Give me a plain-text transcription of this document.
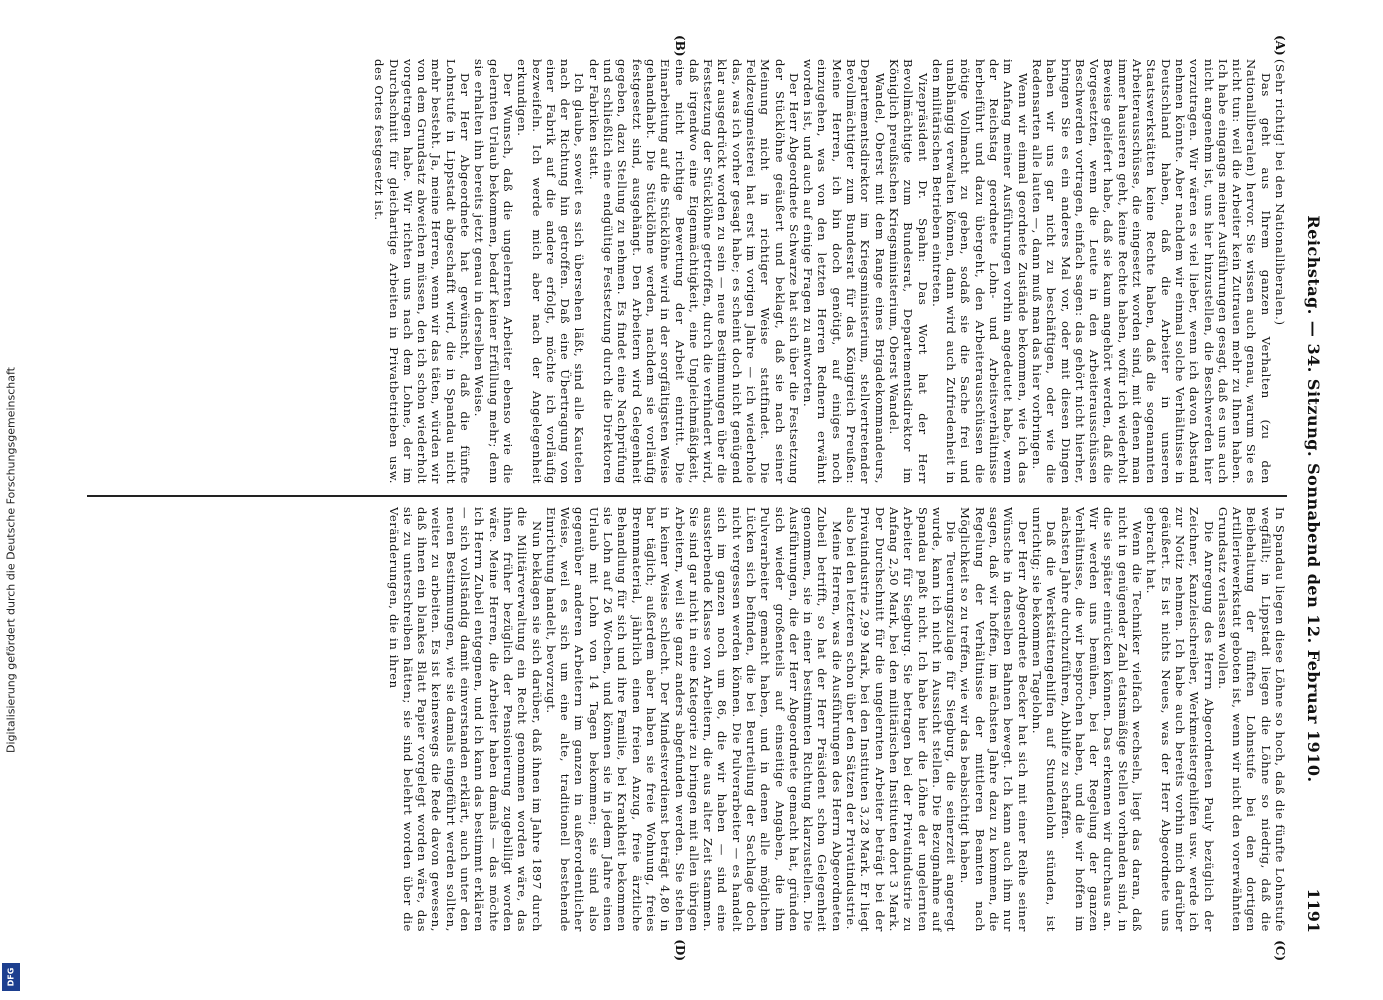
Digitalisierung gefördert durch die Deutsche Forschungsgemeinschaft
DFG
Reichstag. — 34. Sitzung. Sonnabend den 12. Februar 1910.
1191
(A)
(B)
(C)
(D)

(Sehr richtig! bei den Nationalliberalen.)

Das geht aus Ihrem ganzen Verhalten (zu den Nationalliberalen) hervor. Sie wissen auch genau, warum Sie es nicht tun: weil die Arbeiter kein Zutrauen mehr zu Ihnen haben. Ich habe eingangs meiner Ausführungen gesagt, daß es uns auch nicht angenehm ist, uns hier hinzustellen, die Beschwerden hier vorzutragen. Wir wären es viel lieber, wenn ich davon Abstand nehmen könnte. Aber nachdem wir einmal solche Verhältnisse in Deutschland haben, daß die Arbeiter in unseren Staatswerkstätten keine Rechte haben, daß die sogenannten Arbeiterausschüsse, die eingesetzt worden sind, mit denen man immer hausieren geht, keine Rechte haben, wofür ich wiederholt Beweise geliefert habe, daß sie kaum angehört werden, daß die Vorgesetzten, wenn die Leute in den Arbeiterausschüssen Beschwerden vortragen, einfach sagen: das gehört nicht hierher, bringen Sie es ein anderes Mal vor, oder mit diesen Dingen haben wir uns gar nicht zu beschäftigen, oder wie die Redensarten alle lauten —, dann muß man das hier vorbringen.

Wenn wir einmal geordnete Zustände bekommen, wie ich das im Anfang meiner Ausführungen vorhin angedeutet habe, wenn der Reichstag geordnete Lohn- und Arbeitsverhältnisse herbeiführt und dazu übergeht, den Arbeiterausschüssen die nötige Vollmacht zu geben, sodaß sie die Sache frei und unabhängig verwalten können, dann wird auch Zufriedenheit in den militärischen Betrieben eintreten.

Vizepräsident Dr. Spahn: Das Wort hat der Herr Bevollmächtigte zum Bundesrat, Departementsdirektor im Königlich preußischen Kriegsministerium, Oberst Wandel.

Wandel, Oberst mit dem Range eines Brigadekommandeurs, Departementsdirektor im Kriegsministerium, stellvertretender Bevollmächtigter zum Bundesrat für das Königreich Preußen: Meine Herren, ich bin doch genötigt, auf einiges noch einzugehen, was von den letzten Herren Rednern erwähnt worden ist, und auch auf einige Fragen zu antworten.

Der Herr Abgeordnete Schwarze hat sich über die Festsetzung der Stücklöhne geäußert und beklagt, daß sie nach seiner Meinung nicht in richtiger Weise stattfindet. Die Feldzeugmeisterei hat erst im vorigen Jahre — ich wiederhole das, was ich vorher gesagt habe; es scheint doch nicht genügend klar ausgedrückt worden zu sein — neue Bestimmungen über die Festsetzung der Stücklöhne getroffen, durch die verhindert wird, daß irgendwo eine Eigenmächtigkeit, eine Ungleichmäßigkeit, eine nicht richtige Bewertung der Arbeit eintritt. Die Einarbeitung auf die Stücklöhne wird in der sorgfältigsten Weise gehandhabt. Die Stücklöhne werden, nachdem sie vorläufig festgesetzt sind, ausgehängt. Den Arbeitern wird Gelegenheit gegeben, dazu Stellung zu nehmen. Es findet eine Nachprüfung und schließlich eine endgültige Festsetzung durch die Direktoren der Fabriken statt.

Ich glaube, soweit es sich übersehen läßt, sind alle Kautelen nach der Richtung hin getroffen. Daß eine Übertragung von einer Fabrik auf die andere erfolgt, möchte ich vorläufig bezweifeln. Ich werde mich aber nach der Angelegenheit erkundigen.

Der Wunsch, daß die ungelernten Arbeiter ebenso wie die gelernten Urlaub bekommen, bedarf keiner Erfüllung mehr; denn sie erhalten ihn bereits jetzt genau in derselben Weise.

Der Herr Abgeordnete hat gewünscht, daß die fünfte Lohnstufe in Lippstadt abgeschafft wird, die in Spandau nicht mehr besteht. Ja, meine Herren, wenn wir das täten, würden wir von dem Grundsatz abweichen müssen, den ich schon wiederholt vorgetragen habe. Wir richten uns nach dem Lohne, der im Durchschnitt für gleichartige Arbeiten in Privatbetrieben usw. des Ortes festgesetzt ist.

In Spandau liegen diese Löhne so hoch, daß die fünfte Lohnstufe wegfällt; in Lippstadt liegen die Löhne so niedrig, daß die Beibehaltung der fünften Lohnstufe bei den dortigen Artilleriewerkstatt geboten ist, wenn wir nicht den vorerwähnten Grundsatz verlassen wollen.

Die Anregung des Herrn Abgeordneten Pauly bezüglich der Zeichner, Kanzleischreiber, Werkmeistergehilfen usw. werde ich zur Notiz nehmen. Ich habe auch bereits vorhin mich darüber geäußert. Es ist nichts Neues, was der Herr Abgeordnete uns gebracht hat.

Wenn die Techniker vielfach wechseln, liegt das daran, daß nicht in genügender Zahl etatsmäßige Stellen vorhanden sind, in die sie später einrücken können. Das erkennen wir durchaus an. Wir werden uns bemühen, bei der Regelung der ganzen Verhältnisse, die wir besprochen haben, und die wir hoffen im nächsten Jahre durchzuführen, Abhilfe zu schaffen.

Daß die Werkstättengehilfen auf Stundenlohn stünden, ist unrichtig; sie bekommen Tagelohn.

Der Herr Abgeordnete Becker hat sich mit einer Reihe seiner Wünsche in denselben Bahnen bewegt. Ich kann auch ihm nur sagen, daß wir hoffen, im nächsten Jahre dazu zu kommen, die Regelung der Verhältnisse der mittleren Beamten nach Möglichkeit so zu treffen, wie wir das beabsichtigt haben.

Die Teuerungszulage für Siegburg, die seinerzeit angeregt wurde, kann ich nicht in Aussicht stellen. Die Bezugnahme auf Spandau paßt nicht. Ich habe hier die Löhne der ungelernten Arbeiter für Siegburg. Sie betragen bei der Privatindustrie zu Anfang 2,50 Mark, bei den militärischen Instituten dort 3 Mark. Der Durchschnitt für die ungelernten Arbeiter beträgt bei der Privatindustrie 2,99 Mark, bei den Instituten 3,28 Mark. Er liegt also bei den letzteren schon über den Sätzen der Privatindustrie.

Meine Herren, was die Ausführungen des Herrn Abgeordneten Zubeil betrifft, so hat der Herr Präsident schon Gelegenheit genommen, sie in einer bestimmten Richtung klarzustellen. Die Ausführungen, die der Herr Abgeordnete gemacht hat, gründen sich wieder großenteils auf einseitige Angaben, die ihm Pulverarbeiter gemacht haben, und in denen alle möglichen Lücken sich befinden, die bei Beurteilung der Sachlage doch nicht vergessen werden können. Die Pulverarbeiter — es handelt sich im ganzen noch um 86, die wir haben — sind eine aussterbende Klasse von Arbeitern, die aus alter Zeit stammen. Sie sind gar nicht in eine Kategorie zu bringen mit allen übrigen Arbeitern, weil sie ganz anders abgefunden werden. Sie stehen in keiner Weise schlecht. Der Mindestverdienst beträgt 4,80 in bar täglich; außerdem aber haben sie freie Wohnung, freies Brennmaterial, jährlich einen freien Anzug, freie ärztliche Behandlung für sich und ihre Familie, bei Krankheit bekommen sie Lohn auf 26 Wochen, und können sie in jedem Jahre einen Urlaub mit Lohn von 14 Tagen bekommen; sie sind also gegenüber anderen Arbeitern im ganzen in außerordentlicher Weise, weil es sich um eine alte, traditionell bestehende Einrichtung handelt, bevorzugt.

Nun beklagen sie sich darüber, daß ihnen im Jahre 1897 durch die Militärverwaltung ein Recht genommen worden wäre, das ihnen früher bezüglich der Pensionierung zugebilligt worden wäre. Meine Herren, die Arbeiter haben damals — das möchte ich Herrn Zubeil entgegnen, und ich kann das bestimmt erklären — sich vollständig damit einverstanden erklärt, auch unter den neuen Bestimmungen, wie sie damals eingeführt werden sollten, weiter zu arbeiten. Es ist keineswegs die Rede davon gewesen, daß ihnen ein blankes Blatt Papier vorgelegt worden wäre, das sie zu unterschreiben hätten; sie sind belehrt worden über die Veränderungen, die in ihren
